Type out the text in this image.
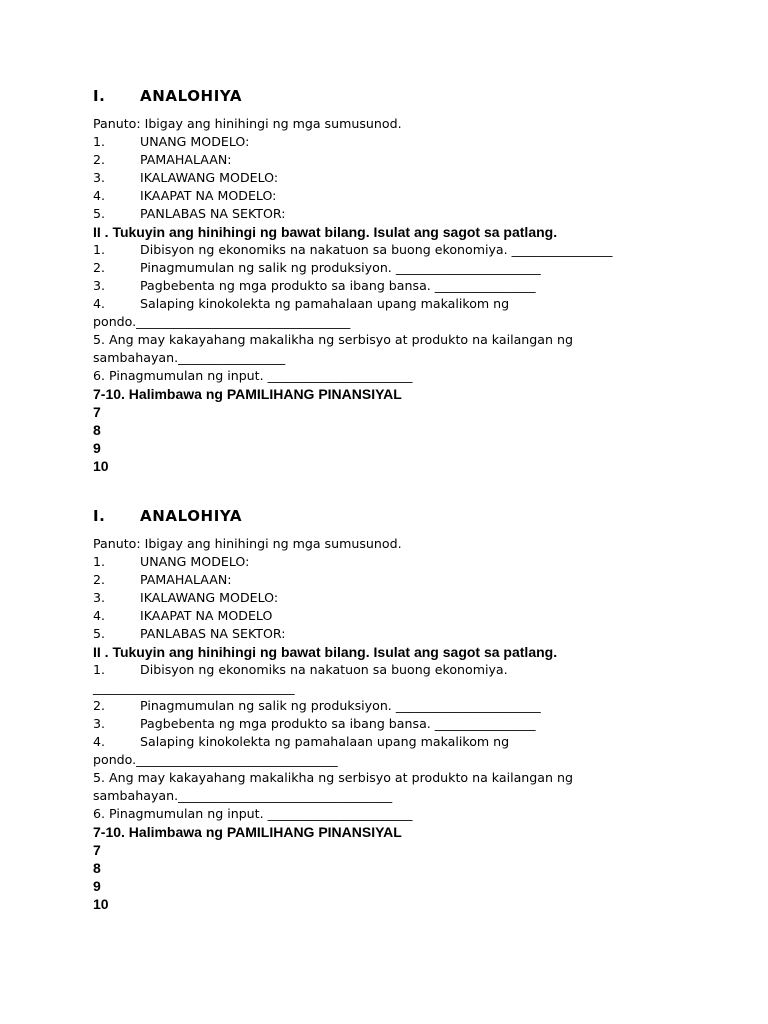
I. ANALOHIYA
Panuto: Ibigay ang hinihingi ng mga sumusunod.
1.	UNANG MODELO:
2.	PAMAHALAAN:
3.	IKALAWANG MODELO:
4.	IKAAPAT NA MODELO:
5.	PANLABAS NA SEKTOR:
II . Tukuyin ang hinihingi ng bawat bilang. Isulat ang sagot sa patlang.
1.	Dibisyon ng ekonomiks na nakatuon sa buong ekonomiya. ________________
2.	Pinagmumulan ng salik ng produksiyon. _______________________
3.	Pagbebenta ng mga produkto sa ibang bansa. ________________
4.	Salaping kinokolekta ng pamahalaan upang makalikom ng
pondo.__________________________________
5. Ang may kakayahang makalikha ng serbisyo at produkto na kailangan ng
sambahayan._________________
6. Pinagmumulan ng input. _______________________
7-10. Halimbawa ng PAMILIHANG PINANSIYAL
7
8
9
10
I. ANALOHIYA
Panuto: Ibigay ang hinihingi ng mga sumusunod.
1.	UNANG MODELO:
2.	PAMAHALAAN:
3.	IKALAWANG MODELO:
4.	IKAAPAT NA MODELO
5.	PANLABAS NA SEKTOR:
II . Tukuyin ang hinihingi ng bawat bilang. Isulat ang sagot sa patlang.
1.	Dibisyon ng ekonomiks na nakatuon sa buong ekonomiya.
________________________________
2.	Pinagmumulan ng salik ng produksiyon. _______________________
3.	Pagbebenta ng mga produkto sa ibang bansa. ________________
4.	Salaping kinokolekta ng pamahalaan upang makalikom ng
pondo.________________________________
5. Ang may kakayahang makalikha ng serbisyo at produkto na kailangan ng
sambahayan.__________________________________
6. Pinagmumulan ng input. _______________________
7-10. Halimbawa ng PAMILIHANG PINANSIYAL
7
8
9
10
